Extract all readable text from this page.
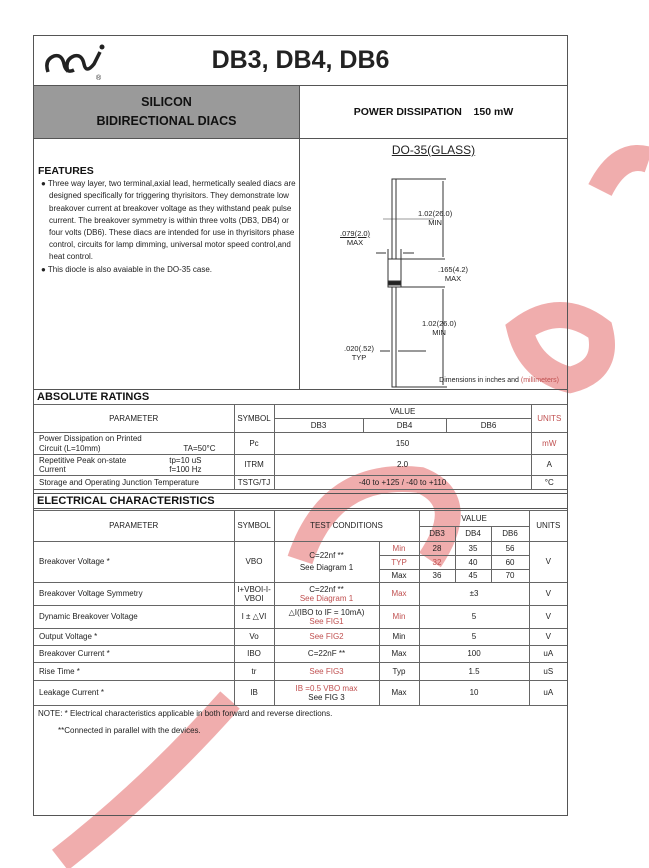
®
DB3, DB4, DB6
SILICON
BIDIRECTIONAL DIACS
POWER DISSIPATION    150 mW
FEATURES

● Three way layer, two terminal,axial lead, hermetically sealed diacs are designed specifically for triggering thyrisitors. They demonstrate low breakover current at breakover voltage as they withstand peak pulse current. The breakover symmetry is within three volts (DB3, DB4) or four volts (DB6). These diacs are intended for use in thyrisitors phase control, circuits for lamp dimming, universal motor speed control,and heat control.

● This diocle is also avaiable in the DO-35 case.

DO-35(GLASS)
1.02(26.0)
MIN
.079(2.0)
MAX
.165(4.2)
MAX
1.02(26.0)
MIN
.020(.52)
TYP
Dimensions in inches and (millimeters)
ABSOLUTE RATINGS
PARAMETER	SYMBOL	VALUE			UNITS
		DB3	DB4	DB6	

Power Dissipation on Printed
Circuit (L=10mm) TA=50°C	Pc	150			mW

Repetitive Peak on-state
Current
tp=10 uS
f=100 Hz	ITRM	2.0			A
Storage and Operating Junction Temperature	TSTG/TJ	-40 to +125 / -40 to +110			°C
ELECTRICAL CHARACTERISTICS
PARAMETER	SYMBOL	TEST CONDITIONS		VALUE			UNITS
				DB3	DB4	DB6	
Breakover Voltage *	VBO	C=22nf **
See Diagram 1	Min	28	35	56	V
			TYP	32	40	60	
			Max	36	45	70	
Breakover Voltage Symmetry	I+VBOI-I-VBOI	C=22nf **
See Diagram 1	Max	±3			V
Dynamic Breakover Voltage	I ± △VI	△I(IBO to IF = 10mA)
See FIG1	Min	5			V
Output Voltage *	Vo	See FIG2	Min	5			V
Breakover Current *	IBO	C=22nF **	Max	100			uA
Rise Time *	tr	See FIG3	Typ	1.5			uS
Leakage Current *	IB	IB =0.5 VBO max
See FIG 3	Max	10			uA
NOTE: * Electrical characteristics applicable in both forward and reverse directions.
**Connected in parallel with the devices.
